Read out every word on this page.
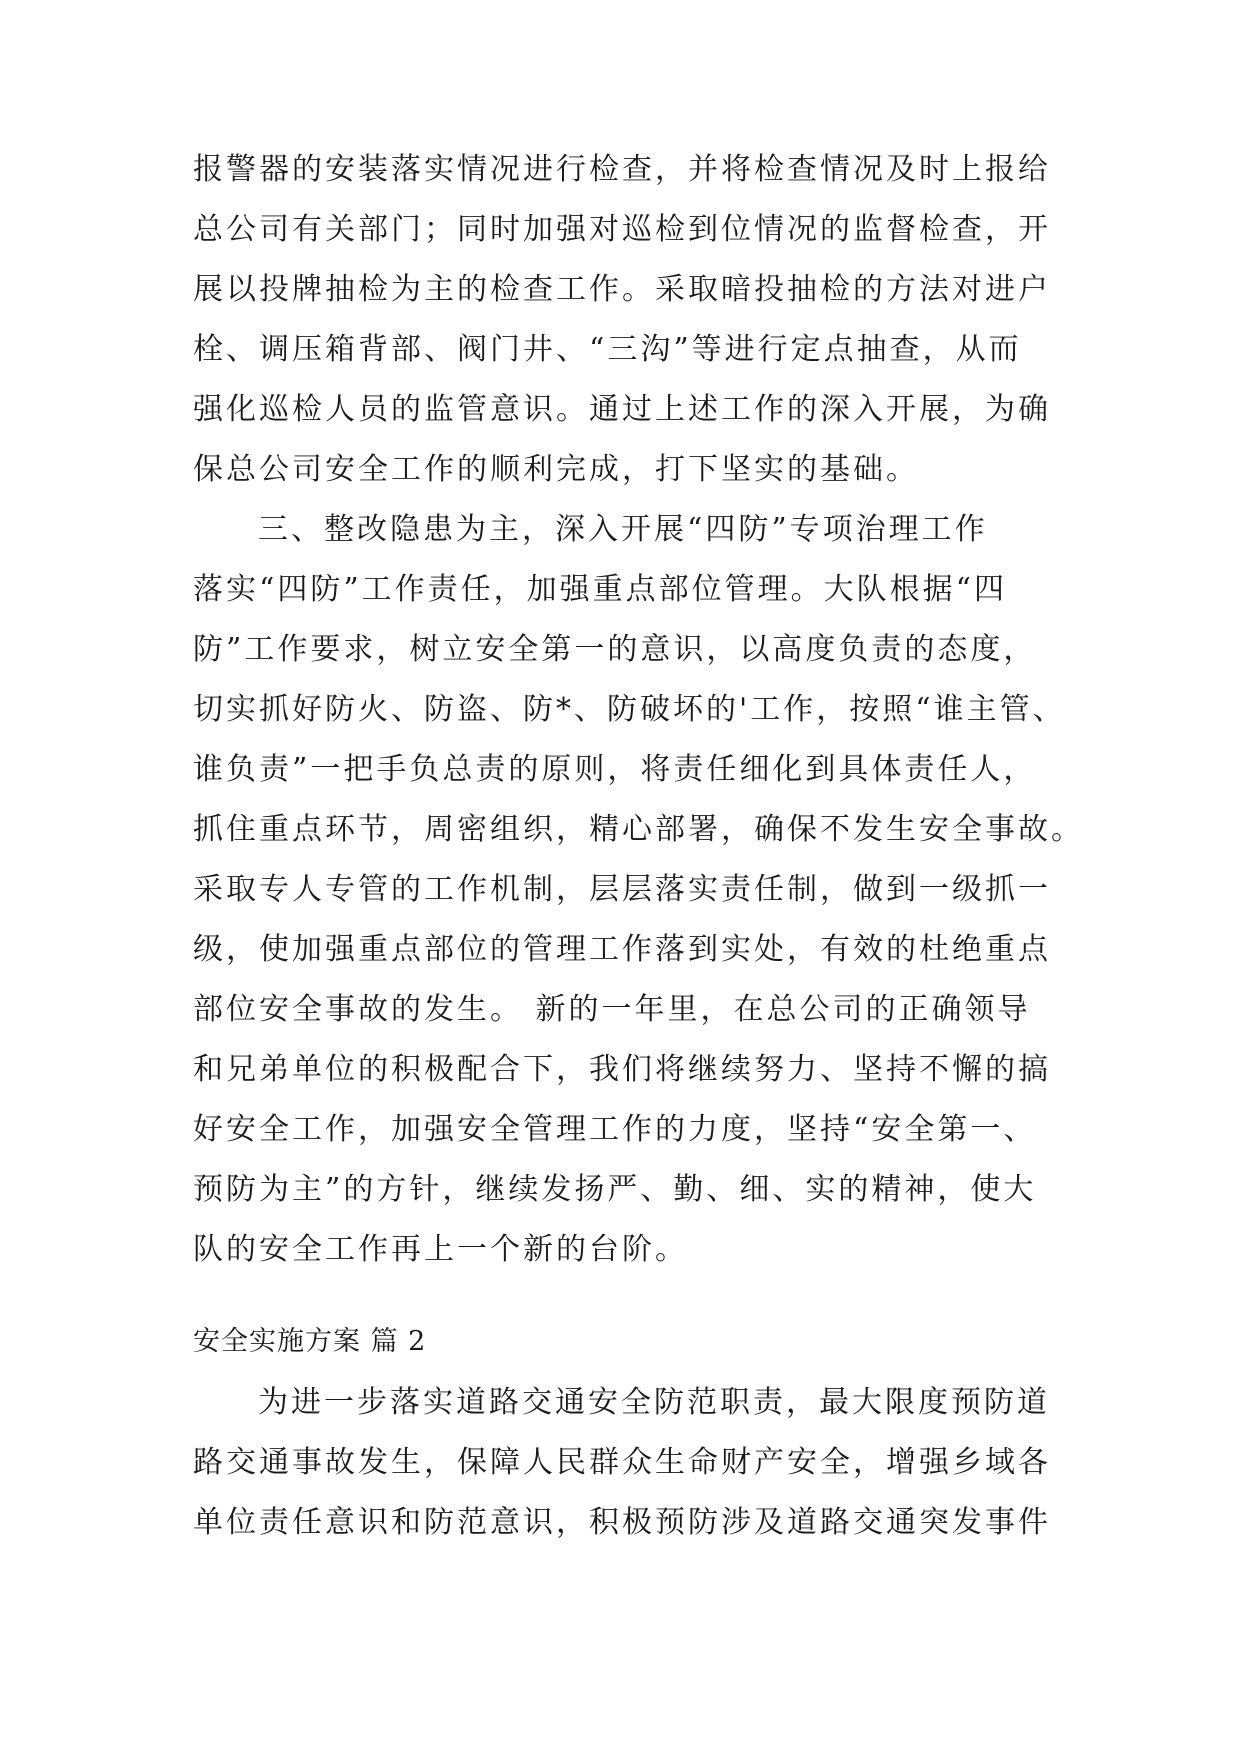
报警器的安装落实情况进行检查，并将检查情况及时上报给
总公司有关部门；同时加强对巡检到位情况的监督检查，开
展以投牌抽检为主的检查工作。采取暗投抽检的方法对进户
栓、调压箱背部、阀门井、“三沟”等进行定点抽查，从而
强化巡检人员的监管意识。通过上述工作的深入开展，为确
保总公司安全工作的顺利完成，打下坚实的基础。
三、整改隐患为主，深入开展“四防”专项治理工作
落实“四防”工作责任，加强重点部位管理。大队根据“四
防”工作要求，树立安全第一的意识，以高度负责的态度，
切实抓好防火、防盗、防*、防破坏的'工作，按照“谁主管、
谁负责”一把手负总责的原则，将责任细化到具体责任人，
抓住重点环节，周密组织，精心部署，确保不发生安全事故。
采取专人专管的工作机制，层层落实责任制，做到一级抓一
级，使加强重点部位的管理工作落到实处，有效的杜绝重点
部位安全事故的发生。 新的一年里，在总公司的正确领导
和兄弟单位的积极配合下，我们将继续努力、坚持不懈的搞
好安全工作，加强安全管理工作的力度，坚持“安全第一、
预防为主”的方针，继续发扬严、勤、细、实的精神，使大
队的安全工作再上一个新的台阶。
安全实施方案 篇 2
为进一步落实道路交通安全防范职责，最大限度预防道
路交通事故发生，保障人民群众生命财产安全，增强乡域各
单位责任意识和防范意识，积极预防涉及道路交通突发事件
